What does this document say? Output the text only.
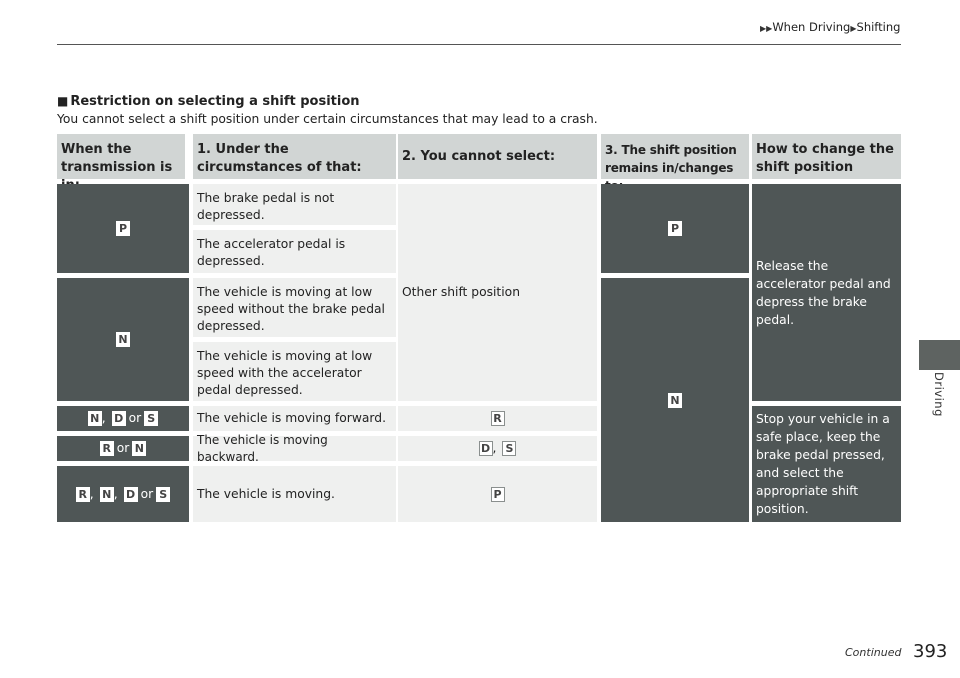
▶▶When Driving▶Shifting
Driving
■ Restriction on selecting a shift position
You cannot select a shift position under certain circumstances that may lead to a crash.
When the transmission is
1. Under the circumstances of that:
2. You cannot select:	3. The shift position remains in/changes
How to change the shift position
P
N
N , D or S
R or N
R , N , D or S
The brake pedal is not depressed.
The accelerator pedal is depressed.
The vehicle is moving at low speed without the brake pedal depressed.
The vehicle is moving at low speed with the accelerator pedal depressed.
The vehicle is moving forward.
The vehicle is moving backward.
The vehicle is moving.
Other shift position
R
D , S
P
P
N
Release the accelerator pedal and depress the brake pedal.
Stop your vehicle in a safe place, keep the brake pedal pressed, and select the appropriate shift position.
Continued 393
